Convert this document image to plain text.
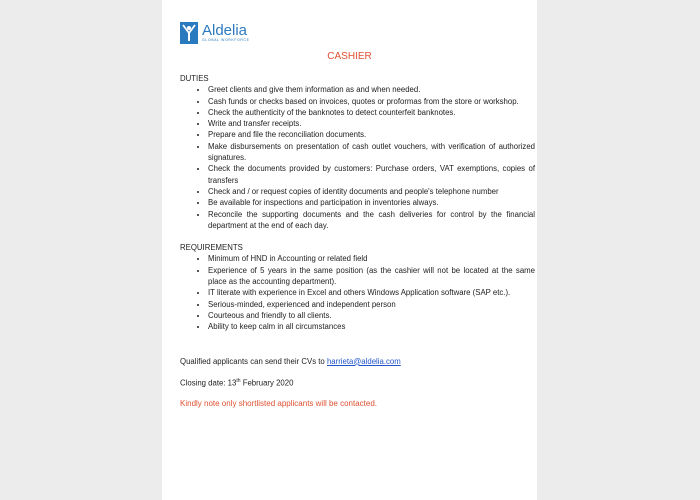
Aldelia
GLOBAL WORKFORCE
CASHIER

DUTIES

• Greet clients and give them information as and when needed.
• Cash funds or checks based on invoices, quotes or proformas from the store or workshop.
• Check the authenticity of the banknotes to detect counterfeit banknotes.
• Write and transfer receipts.
• Prepare and file the reconciliation documents.
• Make disbursements on presentation of cash outlet vouchers, with verification of authorized signatures.
• Check the documents provided by customers: Purchase orders, VAT exemptions, copies of transfers
• Check and / or request copies of identity documents and people's telephone number
• Be available for inspections and participation in inventories always.
• Reconcile the supporting documents and the cash deliveries for control by the financial department at the end of each day.

REQUIREMENTS

• Minimum of HND in Accounting or related field
• Experience of 5 years in the same position (as the cashier will not be located at the same place as the accounting department).
• IT literate with experience in Excel and others Windows Application software (SAP etc.).
• Serious-minded, experienced and independent person
• Courteous and friendly to all clients.
• Ability to keep calm in all circumstances

Qualified applicants can send their CVs to harrieta@aldelia.com

Closing date: 13th February 2020

Kindly note only shortlisted applicants will be contacted.
